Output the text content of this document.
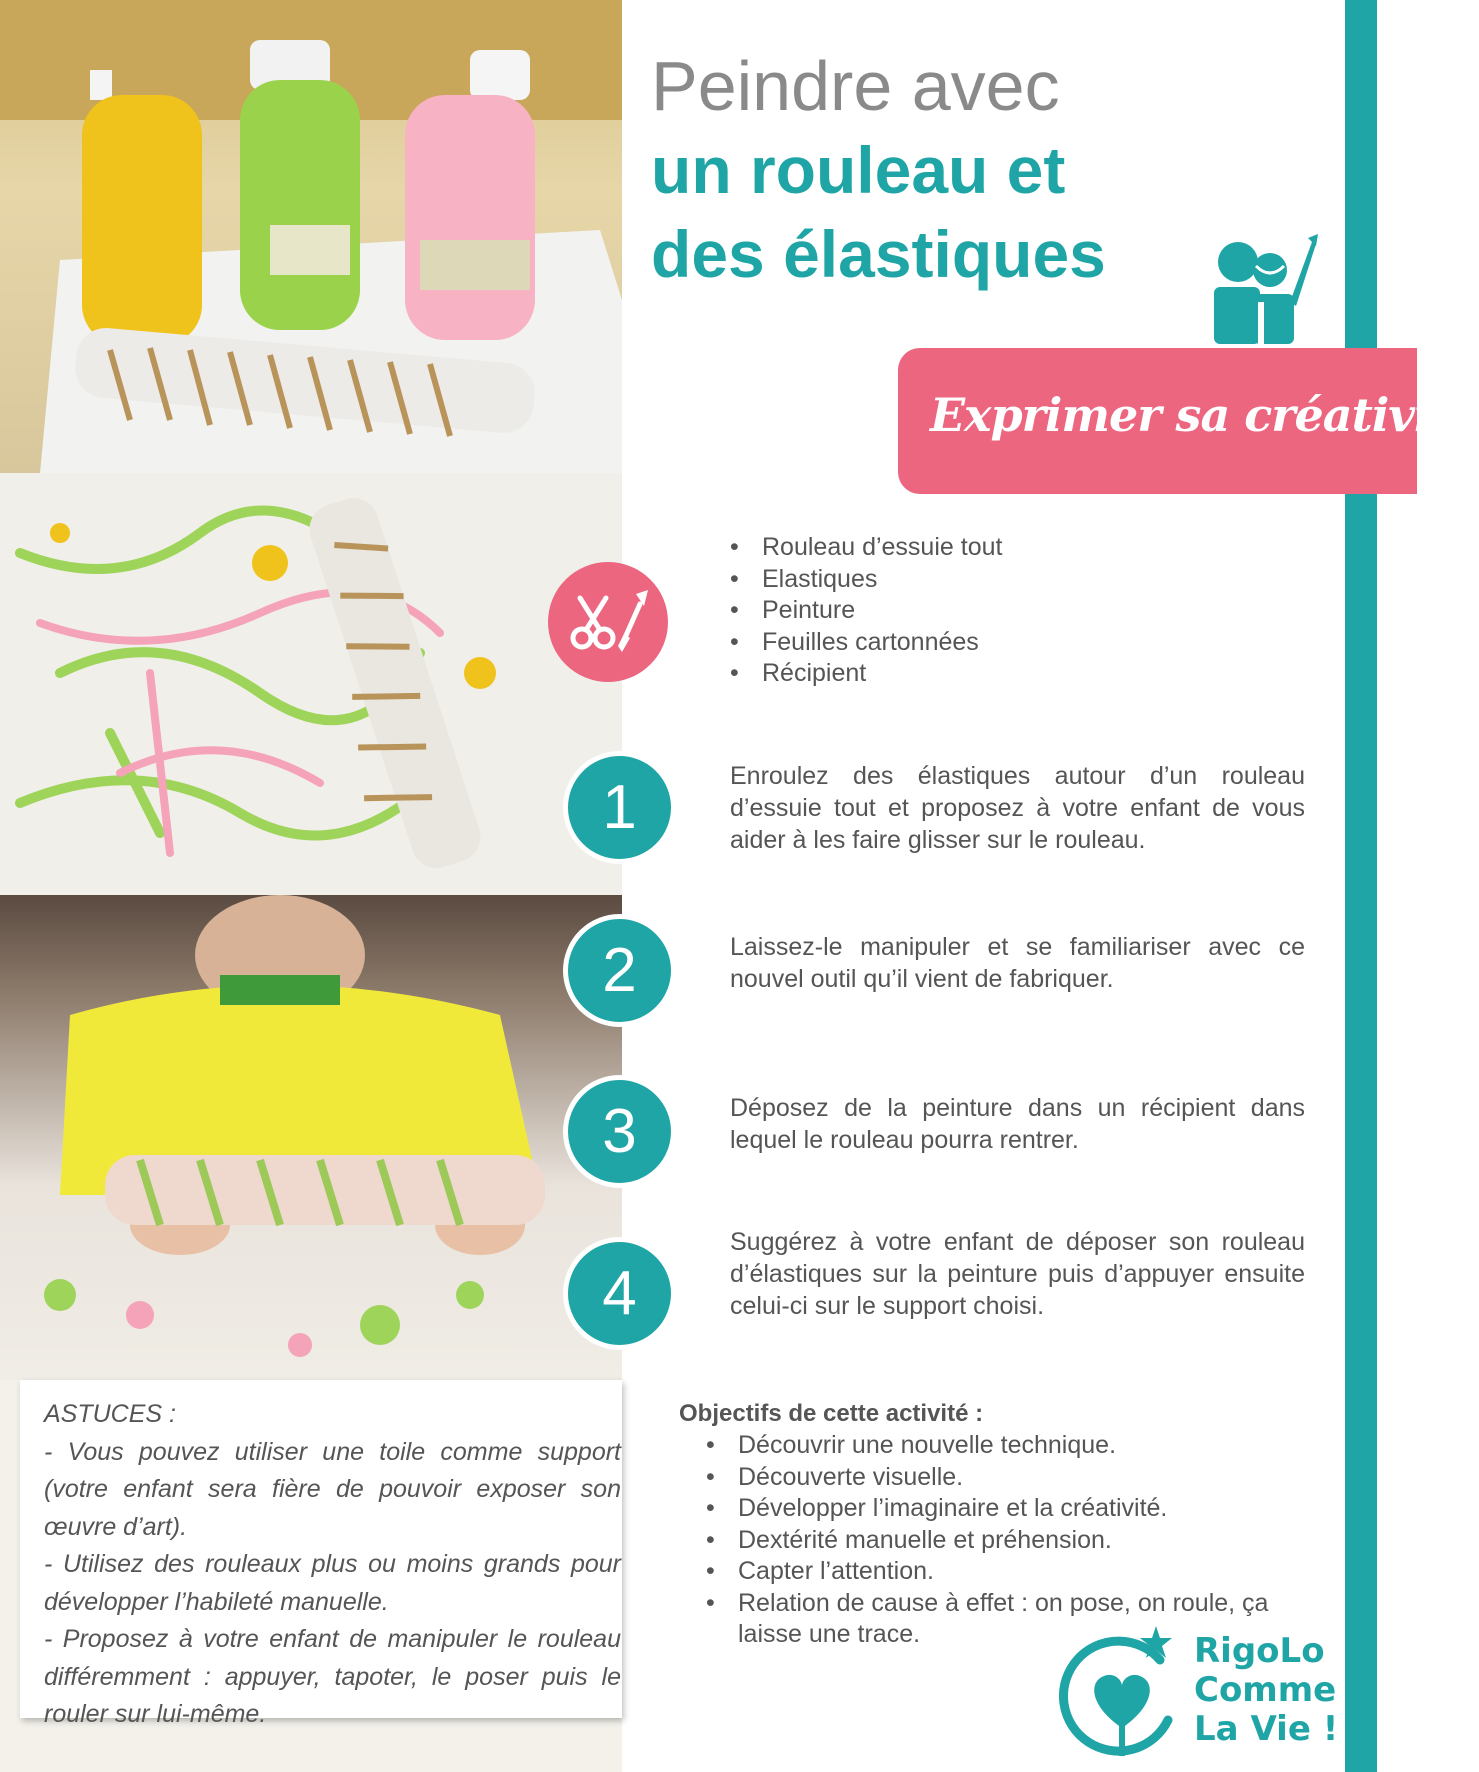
Peindre avec
un rouleau et
des élastiques
Exprimer sa créativité
• Rouleau d’essuie tout
• Elastiques
• Peinture
• Feuilles cartonnées
• Récipient
1	Enroulez des élastiques autour d’un rouleau d’essuie tout et proposez à votre enfant de vous aider à les faire glisser sur le rouleau.
2	Laissez-le manipuler et se familiariser avec ce nouvel outil qu’il vient de fabriquer.
3	Déposez de la peinture dans un récipient dans lequel le rouleau pourra rentrer.
4
Suggérez à votre enfant de déposer son rouleau d’élastiques sur la peinture puis d’appuyer ensuite celui-ci sur le support choisi.

ASTUCES :

- Vous pouvez utiliser une toile comme support (votre enfant sera fière de pouvoir exposer son œuvre d’art).

- Utilisez des rouleaux plus ou moins grands pour développer l’habileté manuelle.

- Proposez à votre enfant de manipuler le rouleau différemment : appuyer, tapoter, le poser puis le rouler sur lui-même.

Objectifs de cette activité :
• Découvrir une nouvelle technique.
• Découverte visuelle.
• Développer l’imaginaire et la créativité.
• Dextérité manuelle et préhension.
• Capter l’attention.
• Relation de cause à effet : on pose, on roule, ça laisse une trace.	RigoLo
Comme
La Vie !
